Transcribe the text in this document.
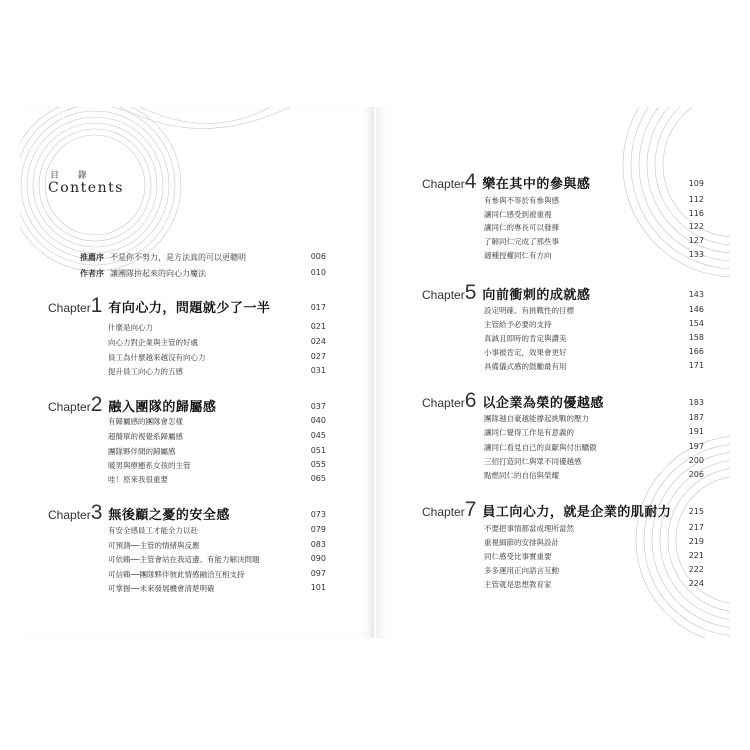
目 錄
Contents
推薦序 不是你不努力，是方法真的可以更聰明	006
作者序 讓團隊拚起來的向心力魔法	010
Chapter1 有向心力，問題就少了一半	017
什麼是向心力	021
向心力對企業與主管的好處	024
員工為什麼越來越沒有向心力	027
提升員工向心力的五感	031
Chapter2 融入團隊的歸屬感	037
有歸屬感的團隊會怎樣	040
超簡單的視覺系歸屬感	045
團隊夥伴間的歸屬感	051
暖男與療癒系女孩的主管	055
哇！原來我很重要	065
Chapter3 無後顧之憂的安全感	073
有安全感員工才能全力以赴	079
可預測──主管的情緒與反應	083
可依賴──主管會站在我這邊、有能力解決問題	090
可信賴──團隊夥伴彼此情感融洽互相支持	097
可掌握──未來發展機會清楚明確	101
Chapter4 樂在其中的參與感	109
有參與不等於有參與感	112
讓同仁感受到被重視	116
讓同仁的專長可以發揮	122
了解同仁完成了那些事	127
適種授權同仁有方向	133
Chapter5 向前衝刺的成就感	143
設定明確、有挑戰性的目標	146
主管給予必要的支持	154
真誠且即時的肯定與讚美	158
小事被肯定，效果會更好	166
具備儀式感的鼓勵最有用	171
Chapter6 以企業為榮的優越感	183
團隊越自豪越能撐起挑戰的壓力	187
讓同仁覺得工作是有意義的	191
讓同仁看見自己的貢獻與付出驕傲	197
三招打造同仁與眾不同優越感	200
點燃同仁的自信與榮耀	206
Chapter7 員工向心力，就是企業的肌耐力 215
不要把事情都當成理所當然	217
重視細節的安排與設計	219
同仁感受比事實重要	221
多多運用正向語言互動	222
主管就是思想教育家	224
